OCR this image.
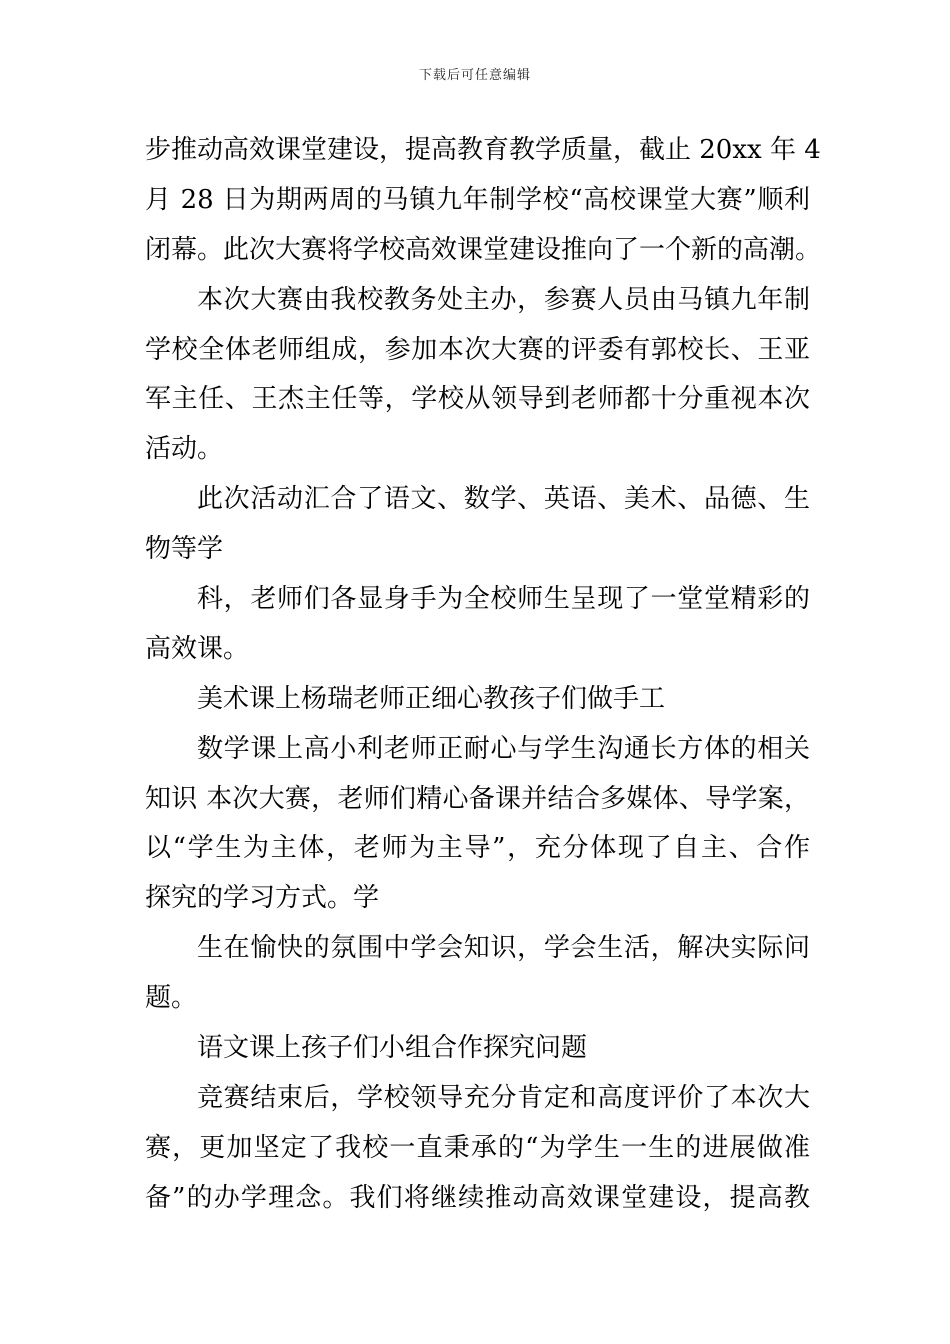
下载后可任意编辑
步推动高效课堂建设，提高教育教学质量，截止 20xx 年 4
月 28 日为期两周的马镇九年制学校“高校课堂大赛”顺利
闭幕。此次大赛将学校高效课堂建设推向了一个新的高潮。
本次大赛由我校教务处主办，参赛人员由马镇九年制
学校全体老师组成，参加本次大赛的评委有郭校长、王亚
军主任、王杰主任等，学校从领导到老师都十分重视本次
活动。
此次活动汇合了语文、数学、英语、美术、品德、生
物等学
科，老师们各显身手为全校师生呈现了一堂堂精彩的
高效课。
美术课上杨瑞老师正细心教孩子们做手工
数学课上高小利老师正耐心与学生沟通长方体的相关
知识 本次大赛，老师们精心备课并结合多媒体、导学案，
以“学生为主体，老师为主导”，充分体现了自主、合作
探究的学习方式。学
生在愉快的氛围中学会知识，学会生活，解决实际问
题。
语文课上孩子们小组合作探究问题
竞赛结束后，学校领导充分肯定和高度评价了本次大
赛，更加坚定了我校一直秉承的“为学生一生的进展做准
备”的办学理念。我们将继续推动高效课堂建设，提高教
